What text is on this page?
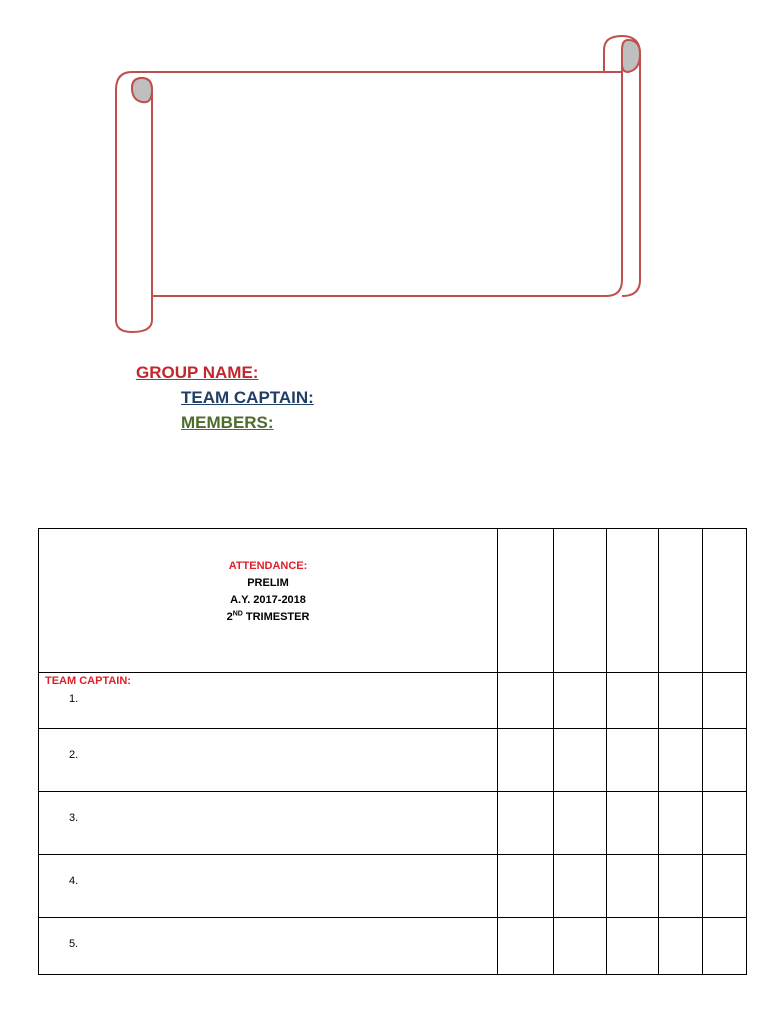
GROUP NAME:
TEAM CAPTAIN:
MEMBERS:
ATTENDANCE:
PRELIM
A.Y. 2017-2018
2ND TRIMESTER					

TEAM CAPTAIN:
1.					

2.					

3.					

4.					

5.					
